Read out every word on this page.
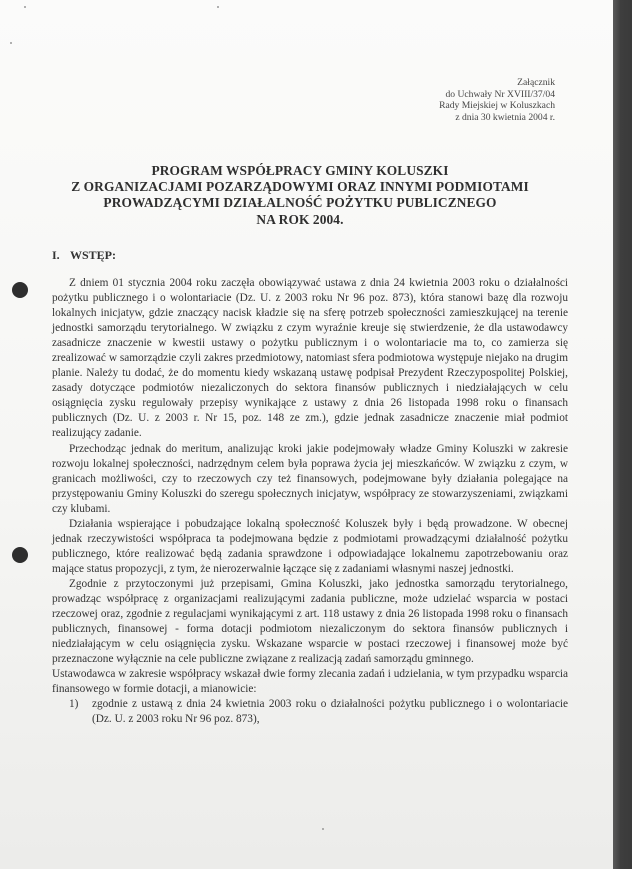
Załącznik
do Uchwały Nr XVIII/37/04
Rady Miejskiej w Koluszkach
z dnia 30 kwietnia 2004 r.
PROGRAM WSPÓŁPRACY GMINY KOLUSZKI
Z ORGANIZACJAMI POZARZĄDOWYMI ORAZ INNYMI PODMIOTAMI
PROWADZĄCYMI DZIAŁALNOŚĆ POŻYTKU PUBLICZNEGO
NA ROK 2004.
I. WSTĘP:

Z dniem 01 stycznia 2004 roku zaczęła obowiązywać ustawa z dnia 24 kwietnia 2003 roku o działalności pożytku publicznego i o wolontariacie (Dz. U. z 2003 roku Nr 96 poz. 873), która stanowi bazę dla rozwoju lokalnych inicjatyw, gdzie znaczący nacisk kładzie się na sferę potrzeb społeczności zamieszkującej na terenie jednostki samorządu terytorialnego. W związku z czym wyraźnie kreuje się stwierdzenie, że dla ustawodawcy zasadnicze znaczenie w kwestii ustawy o pożytku publicznym i o wolontariacie ma to, co zamierza się zrealizować w samorządzie czyli zakres przedmiotowy, natomiast sfera podmiotowa występuje niejako na drugim planie. Należy tu dodać, że do momentu kiedy wskazaną ustawę podpisał Prezydent Rzeczypospolitej Polskiej, zasady dotyczące podmiotów niezaliczonych do sektora finansów publicznych i niedziałających w celu osiągnięcia zysku regulowały przepisy wynikające z ustawy z dnia 26 listopada 1998 roku o finansach publicznych (Dz. U. z 2003 r. Nr 15, poz. 148 ze zm.), gdzie jednak zasadnicze znaczenie miał podmiot realizujący zadanie.

Przechodząc jednak do meritum, analizując kroki jakie podejmowały władze Gminy Koluszki w zakresie rozwoju lokalnej społeczności, nadrzędnym celem była poprawa życia jej mieszkańców. W związku z czym, w granicach możliwości, czy to rzeczowych czy też finansowych, podejmowane były działania polegające na przystępowaniu Gminy Koluszki do szeregu społecznych inicjatyw, współpracy ze stowarzyszeniami, związkami czy klubami.

Działania wspierające i pobudzające lokalną społeczność Koluszek były i będą prowadzone. W obecnej jednak rzeczywistości współpraca ta podejmowana będzie z podmiotami prowadzącymi działalność pożytku publicznego, które realizować będą zadania sprawdzone i odpowiadające lokalnemu zapotrzebowaniu oraz mające status propozycji, z tym, że nierozerwalnie łączące się z zadaniami własnymi naszej jednostki.

Zgodnie z przytoczonymi już przepisami, Gmina Koluszki, jako jednostka samorządu terytorialnego, prowadząc współpracę z organizacjami realizującymi zadania publiczne, może udzielać wsparcia w postaci rzeczowej oraz, zgodnie z regulacjami wynikającymi z art. 118 ustawy z dnia 26 listopada 1998 roku o finansach publicznych, finansowej - forma dotacji podmiotom niezaliczonym do sektora finansów publicznych i niedziałającym w celu osiągnięcia zysku. Wskazane wsparcie w postaci rzeczowej i finansowej może być przeznaczone wyłącznie na cele publiczne związane z realizacją zadań samorządu gminnego.

Ustawodawca w zakresie współpracy wskazał dwie formy zlecania zadań i udzielania, w tym przypadku wsparcia finansowego w formie dotacji, a mianowicie:

1) zgodnie z ustawą z dnia 24 kwietnia 2003 roku o działalności pożytku publicznego i o wolontariacie (Dz. U. z 2003 roku Nr 96 poz. 873),
